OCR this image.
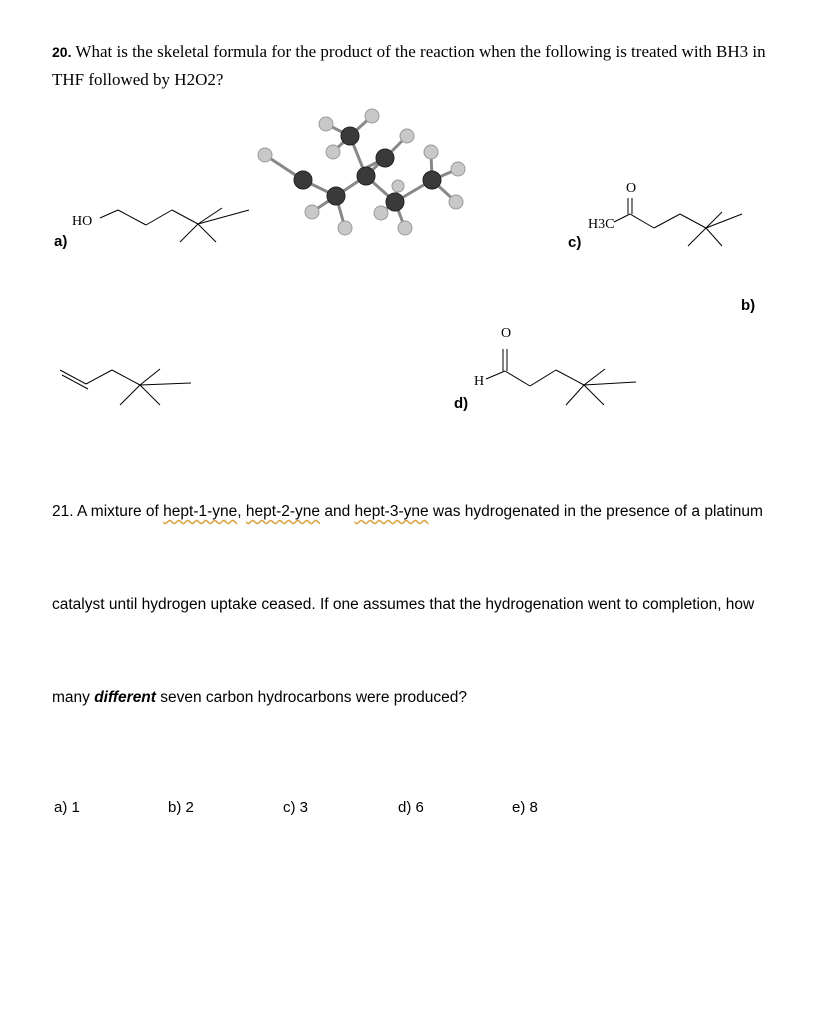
20. What is the skeletal formula for the product of the reaction when the following is treated with BH3 in
THF followed by H2O2?
HO
a)
H3C
O
c)
b)
H
O
d)
21. A mixture of hept-1-yne, hept-2-yne and hept-3-yne was hydrogenated in the presence of a platinum
catalyst until hydrogen uptake ceased. If one assumes that the hydrogenation went to completion, how
many different seven carbon hydrocarbons were produced?
a) 1	b) 2	c) 3	d) 6	e) 8
